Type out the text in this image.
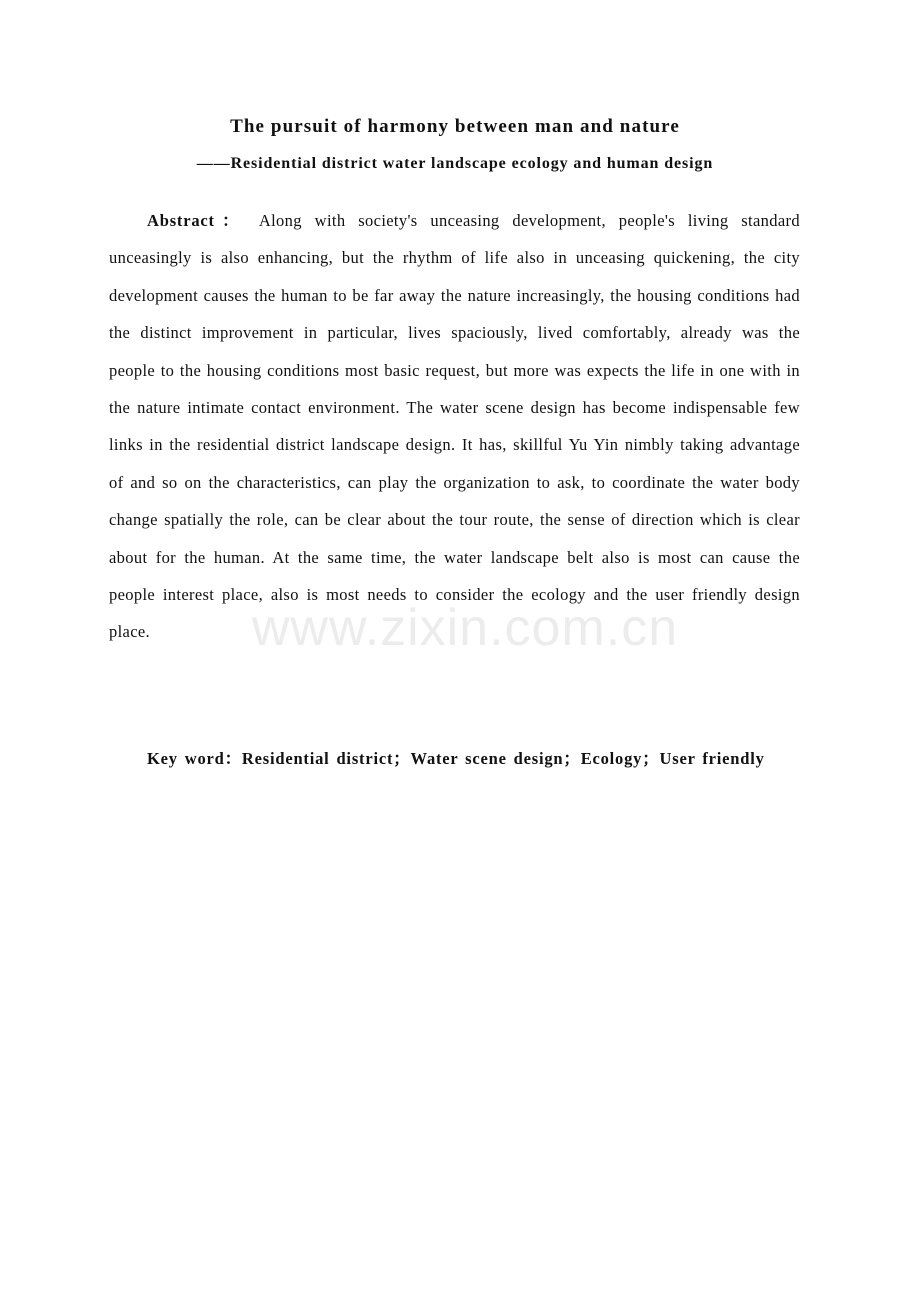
The pursuit of harmony between man and nature
——Residential district water landscape ecology and human design

Abstract： Along with society's unceasing development, people's living standard unceasingly is also enhancing, but the rhythm of life also in unceasing quickening, the city development causes the human to be far away the nature increasingly, the housing conditions had the distinct improvement in particular, lives spaciously, lived comfortably, already was the people to the housing conditions most basic request, but more was expects the life in one with in the nature intimate contact environment. The water scene design has become indispensable few links in the residential district landscape design. It has, skillful Yu Yin nimbly taking advantage of and so on the characteristics, can play the organization to ask, to coordinate the water body change spatially the role, can be clear about the tour route, the sense of direction which is clear about for the human. At the same time, the water landscape belt also is most can cause the people interest place, also is most needs to consider the ecology and the user friendly design place.

Key word：Residential district；Water scene design；Ecology；User friendly

www.zixin.com.cn
